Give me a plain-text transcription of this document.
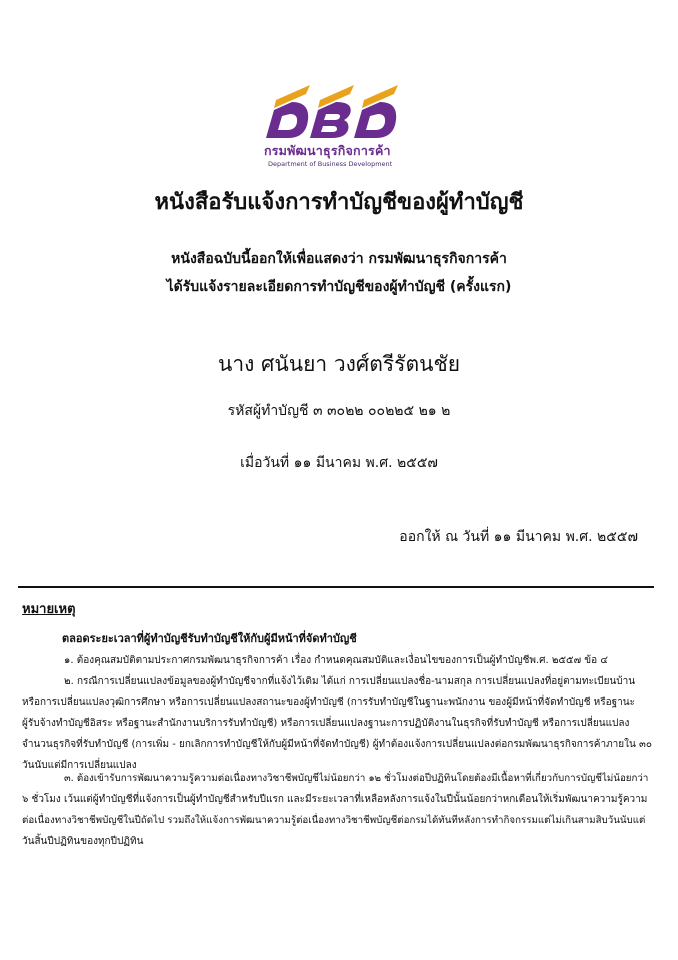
กรมพัฒนาธุรกิจการค้า
Department of Business Development
หนังสือรับแจ้งการทำบัญชีของผู้ทำบัญชี
หนังสือฉบับนี้ออกให้เพื่อแสดงว่า กรมพัฒนาธุรกิจการค้า
ได้รับแจ้งรายละเอียดการทำบัญชีของผู้ทำบัญชี (ครั้งแรก)
นาง ศนันยา วงศ์ตรีรัตนชัย
รหัสผู้ทำบัญชี ๓ ๓๐๒๒ ๐๐๒๒๕ ๒๑ ๒
เมื่อวันที่ ๑๑ มีนาคม พ.ศ. ๒๕๕๗
ออกให้ ณ วันที่ ๑๑ มีนาคม พ.ศ. ๒๕๕๗
หมายเหตุ
ตลอดระยะเวลาที่ผู้ทำบัญชีรับทำบัญชีให้กับผู้มีหน้าที่จัดทำบัญชี
๑. ต้องคุณสมบัติตามประกาศกรมพัฒนาธุรกิจการค้า เรื่อง กำหนดคุณสมบัติและเงื่อนไขของการเป็นผู้ทำบัญชีพ.ศ. ๒๕๕๗ ข้อ ๔
๒. กรณีการเปลี่ยนแปลงข้อมูลของผู้ทำบัญชีจากที่แจ้งไว้เดิม ได้แก่ การเปลี่ยนแปลงชื่อ-นามสกุล การเปลี่ยนแปลงที่อยู่ตามทะเบียนบ้าน
หรือการเปลี่ยนแปลงวุฒิการศึกษา หรือการเปลี่ยนแปลงสถานะของผู้ทำบัญชี (การรับทำบัญชีในฐานะพนักงาน ของผู้มีหน้าที่จัดทำบัญชี หรือฐานะ
ผู้รับจ้างทำบัญชีอิสระ หรือฐานะสำนักงานบริการรับทำบัญชี) หรือการเปลี่ยนแปลงฐานะการปฏิบัติงานในธุรกิจที่รับทำบัญชี หรือการเปลี่ยนแปลง
จำนวนธุรกิจที่รับทำบัญชี (การเพิ่ม - ยกเลิกการทำบัญชีให้กับผู้มีหน้าที่จัดทำบัญชี) ผู้ทำต้องแจ้งการเปลี่ยนแปลงต่อกรมพัฒนาธุรกิจการค้าภายใน ๓๐
วันนับแต่มีการเปลี่ยนแปลง
๓. ต้องเข้ารับการพัฒนาความรู้ความต่อเนื่องทางวิชาชีพบัญชีไม่น้อยกว่า ๑๒ ชั่วโมงต่อปีปฏิทินโดยต้องมีเนื้อหาที่เกี่ยวกับการบัญชีไม่น้อยกว่า
๖ ชั่วโมง เว้นแต่ผู้ทำบัญชีที่แจ้งการเป็นผู้ทำบัญชีสำหรับปีแรก และมีระยะเวลาที่เหลือหลังการแจ้งในปีนั้นน้อยกว่าหกเดือนให้เริ่มพัฒนาความรู้ความ
ต่อเนื่องทางวิชาชีพบัญชีในปีถัดไป รวมถึงให้แจ้งการพัฒนาความรู้ต่อเนื่องทางวิชาชีพบัญชีต่อกรมได้ทันทีหลังการทำกิจกรรมแต่ไม่เกินสามสิบวันนับแต่
วันสิ้นปีปฏิทินของทุกปีปฏิทิน
